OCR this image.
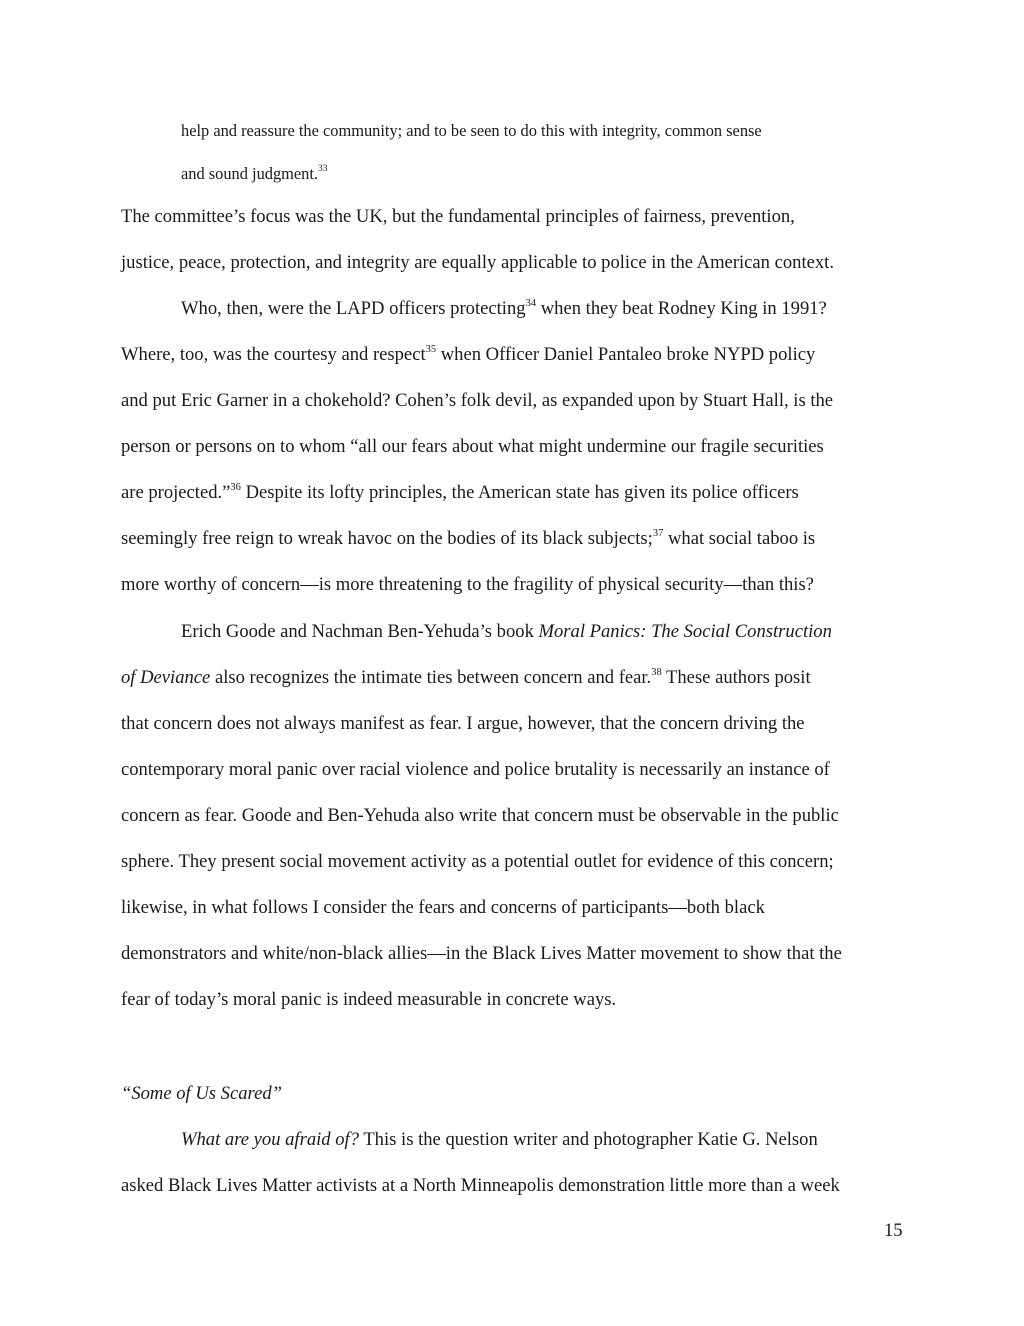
help and reassure the community; and to be seen to do this with integrity, common sense
and sound judgment.$^{33}$
The committee’s focus was the UK, but the fundamental principles of fairness, prevention,
justice, peace, protection, and integrity are equally applicable to police in the American context.
Who, then, were the LAPD officers protecting$^{34}$ when they beat Rodney King in 1991?
Where, too, was the courtesy and respect$^{35}$ when Officer Daniel Pantaleo broke NYPD policy
and put Eric Garner in a chokehold? Cohen’s folk devil, as expanded upon by Stuart Hall, is the
person or persons on to whom “all our fears about what might undermine our fragile securities
are projected.”$^{36}$ Despite its lofty principles, the American state has given its police officers
seemingly free reign to wreak havoc on the bodies of its black subjects;$^{37}$ what social taboo is
more worthy of concern—is more threatening to the fragility of physical security—than this?
Erich Goode and Nachman Ben-Yehuda’s book Moral Panics: The Social Construction
of Deviance also recognizes the intimate ties between concern and fear.$^{38}$ These authors posit
that concern does not always manifest as fear. I argue, however, that the concern driving the
contemporary moral panic over racial violence and police brutality is necessarily an instance of
concern as fear. Goode and Ben-Yehuda also write that concern must be observable in the public
sphere. They present social movement activity as a potential outlet for evidence of this concern;
likewise, in what follows I consider the fears and concerns of participants—both black
demonstrators and white/non-black allies—in the Black Lives Matter movement to show that the
fear of today’s moral panic is indeed measurable in concrete ways.
“Some of Us Scared”
What are you afraid of? This is the question writer and photographer Katie G. Nelson
asked Black Lives Matter activists at a North Minneapolis demonstration little more than a week
15
